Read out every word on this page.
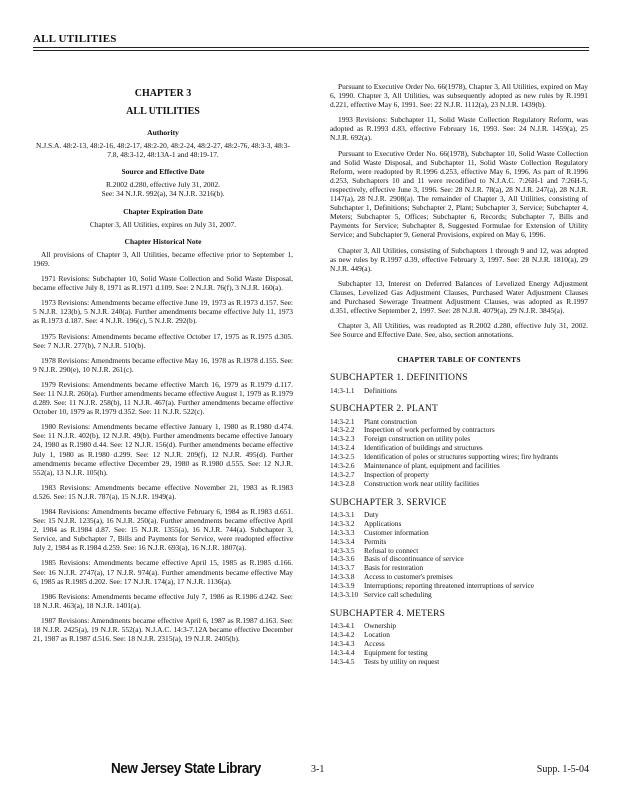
ALL UTILITIES
CHAPTER 3
ALL UTILITIES
Authority

N.J.S.A. 48:2-13, 48:2-16, 48:2-17, 48:2-20, 48:2-24, 48:2-27, 48:2-76, 48:3-3, 48:3-7.8, 48:3-12, 48:13A-1 and 48:19-17.

Source and Effective Date

R.2002 d.280, effective July 31, 2002.

See: 34 N.J.R. 992(a), 34 N.J.R. 3216(b).

Chapter Expiration Date

Chapter 3, All Utilities, expires on July 31, 2007.

Chapter Historical Note

All provisions of Chapter 3, All Utilities, became effective prior to September 1, 1969.

1971 Revisions: Subchapter 10, Solid Waste Collection and Solid Waste Disposal, became effective July 8, 1971 as R.1971 d.109. See: 2 N.J.R. 76(f), 3 N.J.R. 160(a).

1973 Revisions: Amendments became effective June 19, 1973 as R.1973 d.157. See: 5 N.J.R. 123(b), 5 N.J.R. 240(a). Further amendments became effective July 11, 1973 as R.1973 d.187. See: 4 N.J.R. 196(c), 5 N.J.R. 292(b).

1975 Revisions: Amendments became effective October 17, 1975 as R.1975 d.305. See: 7 N.J.R. 277(b), 7 N.J.R. 510(b).

1978 Revisions: Amendments became effective May 16, 1978 as R.1978 d.155. See: 9 N.J.R. 290(e), 10 N.J.R. 261(c).

1979 Revisions: Amendments became effective March 16, 1979 as R.1979 d.117. See: 11 N.J.R. 260(a). Further amendments became effective August 1, 1979 as R.1979 d.289. See: 11 N.J.R. 258(b), 11 N.J.R. 467(a). Further amendments became effective October 10, 1979 as R.1979 d.352. See: 11 N.J.R. 522(c).

1980 Revisions: Amendments became effective January 1, 1980 as R.1980 d.474. See: 11 N.J.R. 402(b), 12 N.J.R. 49(b). Further amendments became effective January 24, 1980 as R.1980 d.44. See: 12 N.J.R. 156(d). Further amendments became effective July 1, 1980 as R.1980 d.299. See: 12 N.J.R. 209(f), 12 N.J.R. 495(d). Further amendments became effective December 29, 1980 as R.1980 d.555. See: 12 N.J.R. 552(a), 13 N.J.R. 105(h).

1983 Revisions: Amendments became effective November 21, 1983 as R.1983 d.526. See: 15 N.J.R. 787(a), 15 N.J.R. 1949(a).

1984 Revisions: Amendments became effective February 6, 1984 as R.1983 d.651. See: 15 N.J.R. 1235(a), 16 N.J.R. 250(a). Further amendments became effective April 2, 1984 as R.1984 d.87. See: 15 N.J.R. 1355(a), 16 N.J.R. 744(a). Subchapter 3, Service, and Subchapter 7, Bills and Payments for Service, were readopted effective July 2, 1984 as R.1984 d.259. See: 16 N.J.R. 693(a), 16 N.J.R. 1807(a).

1985 Revisions: Amendments became effective April 15, 1985 as R.1985 d.166. See: 16 N.J.R. 2747(a), 17 N.J.R. 974(a). Further amendments became effective May 6, 1985 as R.1985 d.202. See: 17 N.J.R. 174(a), 17 N.J.R. 1136(a).

1986 Revisions: Amendments became effective July 7, 1986 as R.1986 d.242. See: 18 N.J.R. 463(a), 18 N.J.R. 1401(a).

1987 Revisions: Amendments became effective April 6, 1987 as R.1987 d.163. See: 18 N.J.R. 2425(a), 19 N.J.R. 552(a). N.J.A.C. 14:3-7.12A became effective December 21, 1987 as R.1987 d.516. See: 18 N.J.R. 2315(a), 19 N.J.R. 2405(b).

Pursuant to Executive Order No. 66(1978), Chapter 3, All Utilities, expired on May 6, 1990. Chapter 3, All Utilities, was subsequently adopted as new rules by R.1991 d.221, effective May 6, 1991. See: 22 N.J.R. 1112(a), 23 N.J.R. 1439(b).

1993 Revisions: Subchapter 11, Solid Waste Collection Regulatory Reform, was adopted as R.1993 d.83, effective February 16, 1993. See: 24 N.J.R. 1459(a), 25 N.J.R. 692(a).

Pursuant to Executive Order No. 66(1978), Subchapter 10, Solid Waste Collection and Solid Waste Disposal, and Subchapter 11, Solid Waste Collection Regulatory Reform, were readopted by R.1996 d.253, effective May 6, 1996. As part of R.1996 d.253, Subchapters 10 and 11 were recodified to N.J.A.C. 7:26H-1 and 7:26H-5, respectively, effective June 3, 1996. See: 28 N.J.R. 78(a), 28 N.J.R. 247(a), 28 N.J.R. 1147(a), 28 N.J.R. 2908(a). The remainder of Chapter 3, All Utilities, consisting of Subchapter 1, Definitions; Subchapter 2, Plant; Subchapter 3, Service; Subchapter 4, Meters; Subchapter 5, Offices; Subchapter 6, Records; Subchapter 7, Bills and Payments for Service; Subchapter 8, Suggested Formulae for Extension of Utility Service; and Subchapter 9, General Provisions, expired on May 6, 1996.

Chapter 3, All Utilities, consisting of Subchapters 1 through 9 and 12, was adopted as new rules by R.1997 d.39, effective February 3, 1997. See: 28 N.J.R. 1810(a), 29 N.J.R. 449(a).

Subchapter 13, Interest on Deferred Balances of Levelized Energy Adjustment Clauses, Levelized Gas Adjustment Clauses, Purchased Water Adjustment Clauses and Purchased Sewerage Treatment Adjustment Clauses, was adopted as R.1997 d.351, effective September 2, 1997. See: 28 N.J.R. 4079(a), 29 N.J.R. 3845(a).

Chapter 3, All Utilities, was readopted as R.2002 d.280, effective July 31, 2002. See Source and Effective Date. See, also, section annotations.

CHAPTER TABLE OF CONTENTS
SUBCHAPTER 1. DEFINITIONS
14:3-1.1	Definitions
SUBCHAPTER 2. PLANT
14:3-2.1	Plant construction
14:3-2.2	Inspection of work performed by contractors
14:3-2.3	Foreign construction on utility poles
14:3-2.4	Identification of buildings and structures
14:3-2.5	Identification of poles or structures supporting wires; fire hydrants
14:3-2.6	Maintenance of plant, equipment and facilities
14:3-2.7	Inspection of property
14:3-2.8	Construction work near utility facilities
SUBCHAPTER 3. SERVICE
14:3-3.1	Duty
14:3-3.2	Applications
14:3-3.3	Customer information
14:3-3.4	Permits
14:3-3.5	Refusal to connect
14:3-3.6	Basis of discontinuance of service
14:3-3.7	Basis for restoration
14:3-3.8	Access to customer's premises
14:3-3.9	Interruptions; reporting threatened interruptions of service
14:3-3.10 Service call scheduling
SUBCHAPTER 4. METERS
14:3-4.1	Ownership
14:3-4.2	Location
14:3-4.3	Access
14:3-4.4	Equipment for testing
14:3-4.5	Tests by utility on request
New Jersey State Library	3-1	Supp. 1-5-04
